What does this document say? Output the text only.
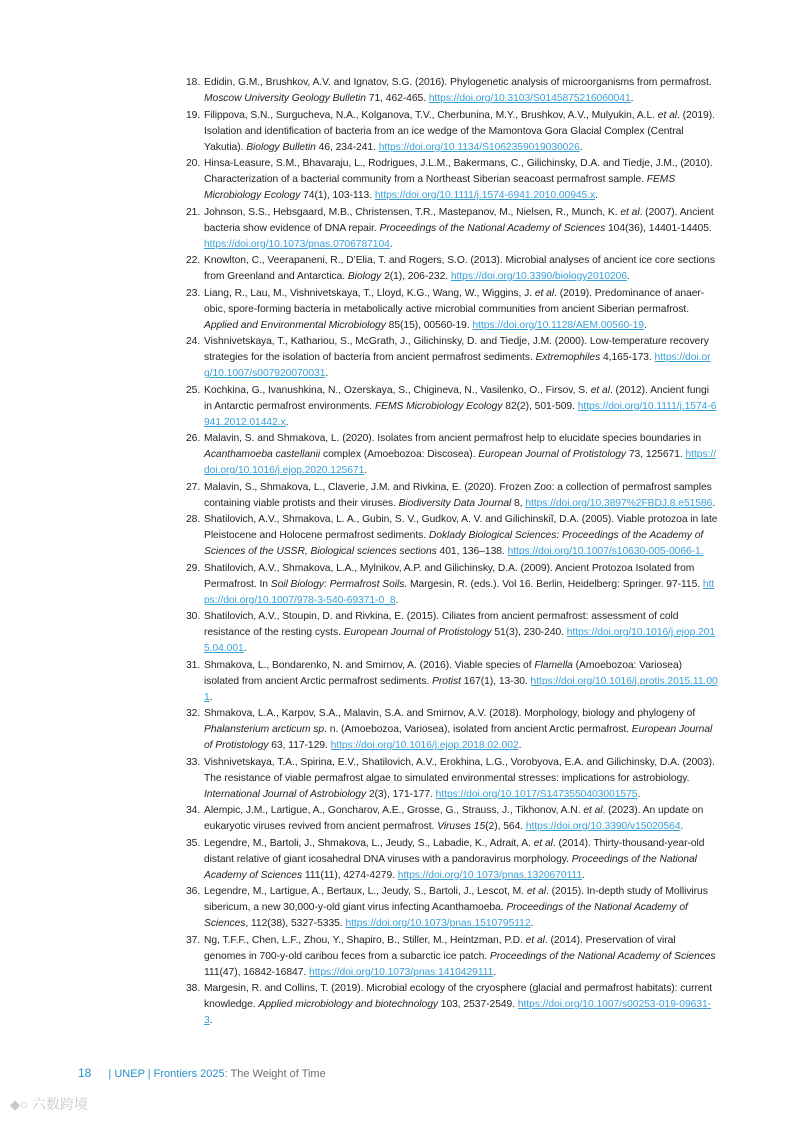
18. Edidin, G.M., Brushkov, A.V. and Ignatov, S.G. (2016). Phylogenetic analysis of microorganisms from permafrost. Moscow University Geology Bulletin 71, 462-465. https://doi.org/10.3103/S0145875216060041.
19. Filippova, S.N., Surgucheva, N.A., Kolganova, T.V., Cherbunina, M.Y., Brushkov, A.V., Mulyukin, A.L. et al. (2019). Isolation and identification of bacteria from an ice wedge of the Mamontova Gora Glacial Complex (Central Yakutia). Biology Bulletin 46, 234-241. https://doi.org/10.1134/S1062359019030026.
20. Hinsa-Leasure, S.M., Bhavaraju, L., Rodrigues, J.L.M., Bakermans, C., Gilichinsky, D.A. and Tiedje, J.M., (2010). Characterization of a bacterial community from a Northeast Siberian seacoast permafrost sample. FEMS Microbiology Ecology 74(1), 103-113. https://doi.org/10.1111/j.1574-6941.2010.00945.x.
21. Johnson, S.S., Hebsgaard, M.B., Christensen, T.R., Mastepanov, M., Nielsen, R., Munch, K. et al. (2007). Ancient bacteria show evidence of DNA repair. Proceedings of the National Academy of Sciences 104(36), 14401-14405. https://doi.org/10.1073/pnas.0706787104.
22. Knowlton, C., Veerapaneni, R., D’Elia, T. and Rogers, S.O. (2013). Microbial analyses of ancient ice core sections from Greenland and Antarctica. Biology 2(1), 206-232. https://doi.org/10.3390/biology2010206.
23. Liang, R., Lau, M., Vishnivetskaya, T., Lloyd, K.G., Wang, W., Wiggins, J. et al. (2019). Predominance of anaerobic, spore-forming bacteria in metabolically active microbial communities from ancient Siberian permafrost. Applied and Environmental Microbiology 85(15), 00560-19. https://doi.org/10.1128/AEM.00560-19.
24. Vishnivetskaya, T., Kathariou, S., McGrath, J., Gilichinsky, D. and Tiedje, J.M. (2000). Low-temperature recovery strategies for the isolation of bacteria from ancient permafrost sediments. Extremophiles 4,165-173. https://doi.org/10.1007/s007920070031.
25. Kochkina, G., Ivanushkina, N., Ozerskaya, S., Chigineva, N., Vasilenko, O., Firsov, S. et al. (2012). Ancient fungi in Antarctic permafrost environments. FEMS Microbiology Ecology 82(2), 501-509. https://doi.org/10.1111/j.1574-6941.2012.01442.x.
26. Malavin, S. and Shmakova, L. (2020). Isolates from ancient permafrost help to elucidate species boundaries in Acanthamoeba castellanii complex (Amoebozoa: Discosea). European Journal of Protistology 73, 125671. https://doi.org/10.1016/j.ejop.2020.125671.
27. Malavin, S., Shmakova, L., Claverie, J.M. and Rivkina, E. (2020). Frozen Zoo: a collection of permafrost samples containing viable protists and their viruses. Biodiversity Data Journal 8, https://doi.org/10.3897%2FBDJ.8.e51586.
28. Shatilovich, A.V., Shmakova, L. A., Gubin, S. V., Gudkov, A. V. and Gilichinskiĭ, D.A. (2005). Viable protozoa in late Pleistocene and Holocene permafrost sediments. Doklady Biological Sciences: Proceedings of the Academy of Sciences of the USSR, Biological sciences sections 401, 136–138. https://doi.org/10.1007/s10630-005-0066-1.
29. Shatilovich, A.V., Shmakova, L.A., Mylnikov, A.P. and Gilichinsky, D.A. (2009). Ancient Protozoa Isolated from Permafrost. In Soil Biology: Permafrost Soils. Margesin, R. (eds.). Vol 16. Berlin, Heidelberg: Springer. 97-115. https://doi.org/10.1007/978-3-540-69371-0_8.
30. Shatilovich, A.V., Stoupin, D. and Rivkina, E. (2015). Ciliates from ancient permafrost: assessment of cold resistance of the resting cysts. European Journal of Protistology 51(3), 230-240. https://doi.org/10.1016/j.ejop.2015.04.001.
31. Shmakova, L., Bondarenko, N. and Smirnov, A. (2016). Viable species of Flamella (Amoebozoa: Variosea) isolated from ancient Arctic permafrost sediments. Protist 167(1), 13-30. https://doi.org/10.1016/j.protis.2015.11.001.
32. Shmakova, L.A., Karpov, S.A., Malavin, S.A. and Smirnov, A.V. (2018). Morphology, biology and phylogeny of Phalansterium arcticum sp. n. (Amoebozoa, Variosea), isolated from ancient Arctic permafrost. European Journal of Protistology 63, 117-129. https://doi.org/10.1016/j.ejop.2018.02.002.
33. Vishnivetskaya, T.A., Spirina, E.V., Shatilovich, A.V., Erokhina, L.G., Vorobyova, E.A. and Gilichinsky, D.A. (2003). The resistance of viable permafrost algae to simulated environmental stresses: implications for astrobiology. International Journal of Astrobiology 2(3), 171-177. https://doi.org/10.1017/S1473550403001575.
34. Alempic, J.M., Lartigue, A., Goncharov, A.E., Grosse, G., Strauss, J., Tikhonov, A.N. et al. (2023). An update on eukaryotic viruses revived from ancient permafrost. Viruses 15(2), 564. https://doi.org/10.3390/v15020564.
35. Legendre, M., Bartoli, J., Shmakova, L., Jeudy, S., Labadie, K., Adrait, A. et al. (2014). Thirty-thousand-year-old distant relative of giant icosahedral DNA viruses with a pandoravirus morphology. Proceedings of the National Academy of Sciences 111(11), 4274-4279. https://doi.org/10.1073/pnas.1320670111.
36. Legendre, M., Lartigue, A., Bertaux, L., Jeudy, S., Bartoli, J., Lescot, M. et al. (2015). In-depth study of Mollivirus sibericum, a new 30,000-y-old giant virus infecting Acanthamoeba. Proceedings of the National Academy of Sciences, 112(38), 5327-5335. https://doi.org/10.1073/pnas.1510795112.
37. Ng, T.F.F., Chen, L.F., Zhou, Y., Shapiro, B., Stiller, M., Heintzman, P.D. et al. (2014). Preservation of viral genomes in 700-y-old caribou feces from a subarctic ice patch. Proceedings of the National Academy of Sciences 111(47), 16842-16847. https://doi.org/10.1073/pnas.1410429111.
38. Margesin, R. and Collins, T. (2019). Microbial ecology of the cryosphere (glacial and permafrost habitats): current knowledge. Applied microbiology and biotechnology 103, 2537-2549. https://doi.org/10.1007/s00253-019-09631-3.
18 | UNEP | Frontiers 2025: The Weight of Time
◆○ 六数跨境
